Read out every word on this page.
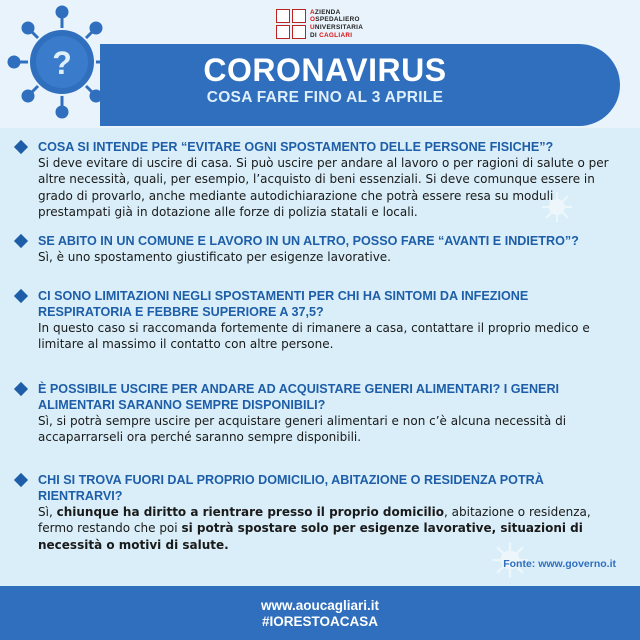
AZIENDA
OSPEDALIERO
UNIVERSITARIA
DI CAGLIARI
?	CORONAVIRUS
COSA FARE FINO AL 3 APRILE
COSA SI INTENDE PER “EVITARE OGNI SPOSTAMENTO DELLE PERSONE FISICHE”?
Si deve evitare di uscire di casa. Si può uscire per andare al lavoro o per ragioni di salute o per altre necessità, quali, per esempio, l’acquisto di beni essenziali. Si deve comunque essere in grado di provarlo, anche mediante autodichiarazione che potrà essere resa su moduli prestampati già in dotazione alle forze di polizia statali e locali.
SE ABITO IN UN COMUNE E LAVORO IN UN ALTRO, POSSO FARE “AVANTI E INDIETRO”?
Sì, è uno spostamento giustificato per esigenze lavorative.
CI SONO LIMITAZIONI NEGLI SPOSTAMENTI PER CHI HA SINTOMI DA INFEZIONE RESPIRATORIA E FEBBRE SUPERIORE A 37,5?
In questo caso si raccomanda fortemente di rimanere a casa, contattare il proprio medico e limitare al massimo il contatto con altre persone.
È POSSIBILE USCIRE PER ANDARE AD ACQUISTARE GENERI ALIMENTARI? I GENERI ALIMENTARI SARANNO SEMPRE DISPONIBILI?
Sì, si potrà sempre uscire per acquistare generi alimentari e non c’è alcuna necessità di accaparrarseli ora perché saranno sempre disponibili.
CHI SI TROVA FUORI DAL PROPRIO DOMICILIO, ABITAZIONE O RESIDENZA POTRÀ RIENTRARVI?
Sì, chiunque ha diritto a rientrare presso il proprio domicilio, abitazione o residenza, fermo restando che poi si potrà spostare solo per esigenze lavorative, situazioni di necessità o motivi di salute.
Fonte: www.governo.it
www.aoucagliari.it
#IORESTOACASA
